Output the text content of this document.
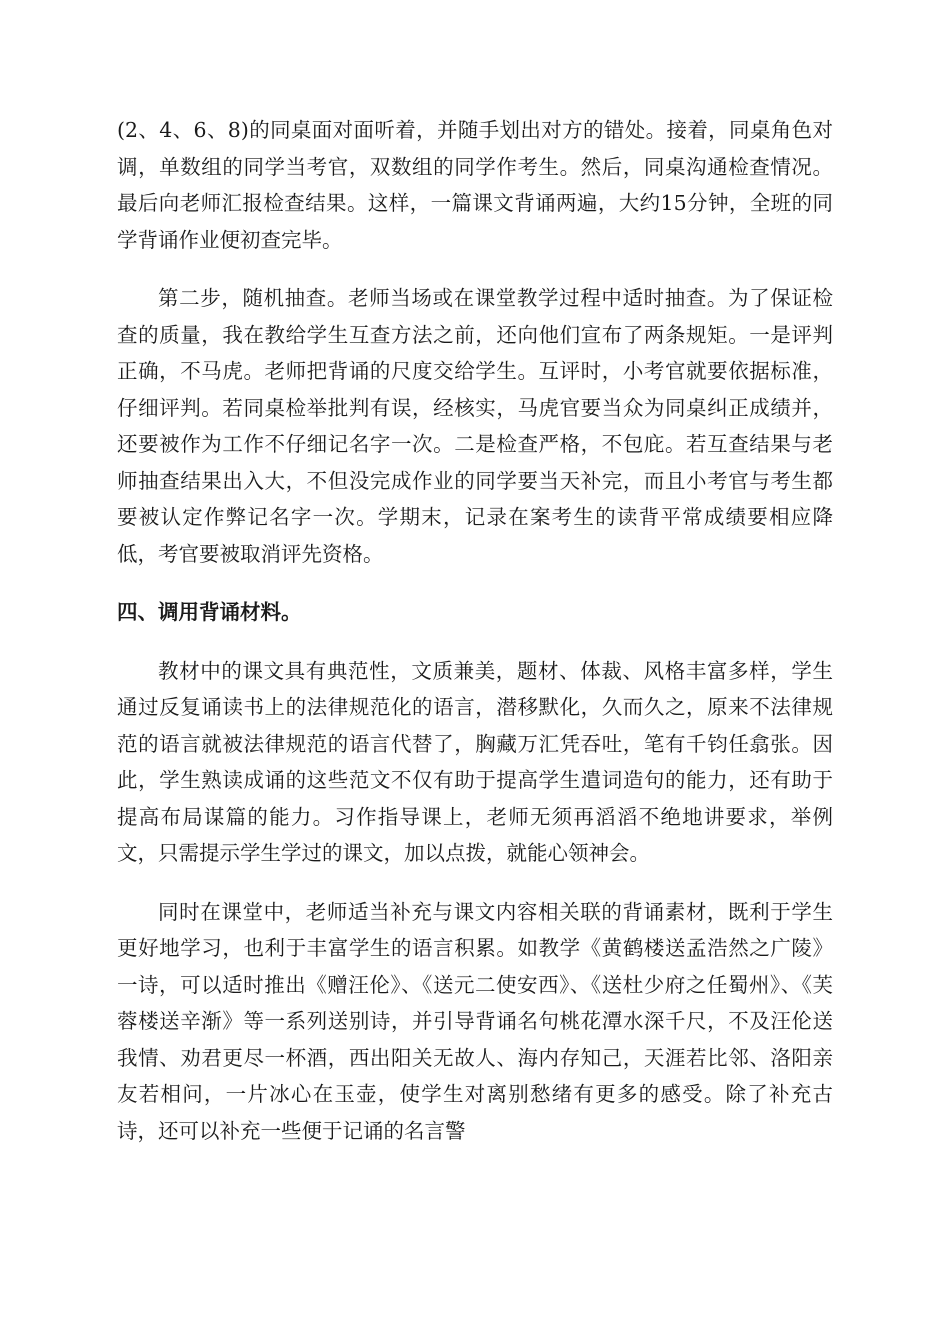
(2、4、6、8)的同桌面对面听着，并随手划出对方的错处。接着，同桌角色对调，单数组的同学当考官，双数组的同学作考生。然后，同桌沟通检查情况。最后向老师汇报检查结果。这样，一篇课文背诵两遍，大约15分钟，全班的同学背诵作业便初查完毕。

第二步，随机抽查。老师当场或在课堂教学过程中适时抽查。为了保证检查的质量，我在教给学生互查方法之前，还向他们宣布了两条规矩。一是评判正确，不马虎。老师把背诵的尺度交给学生。互评时，小考官就要依据标准，仔细评判。若同桌检举批判有误，经核实，马虎官要当众为同桌纠正成绩并，还要被作为工作不仔细记名字一次。二是检查严格，不包庇。若互查结果与老师抽查结果出入大，不但没完成作业的同学要当天补完，而且小考官与考生都要被认定作弊记名字一次。学期末，记录在案考生的读背平常成绩要相应降低，考官要被取消评先资格。

四、调用背诵材料。

教材中的课文具有典范性，文质兼美，题材、体裁、风格丰富多样，学生通过反复诵读书上的法律规范化的语言，潜移默化，久而久之，原来不法律规范的语言就被法律规范的语言代替了，胸藏万汇凭吞吐，笔有千钧任翕张。因此，学生熟读成诵的这些范文不仅有助于提高学生遣词造句的能力，还有助于提高布局谋篇的能力。习作指导课上，老师无须再滔滔不绝地讲要求，举例文，只需提示学生学过的课文，加以点拨，就能心领神会。

同时在课堂中，老师适当补充与课文内容相关联的背诵素材，既利于学生更好地学习，也利于丰富学生的语言积累。如教学《黄鹤楼送孟浩然之广陵》一诗，可以适时推出《赠汪伦》、《送元二使安西》、《送杜少府之任蜀州》、《芙蓉楼送辛渐》等一系列送别诗，并引导背诵名句桃花潭水深千尺，不及汪伦送我情、劝君更尽一杯酒，西出阳关无故人、海内存知己，天涯若比邻、洛阳亲友若相问，一片冰心在玉壶，使学生对离别愁绪有更多的感受。除了补充古诗，还可以补充一些便于记诵的名言警
